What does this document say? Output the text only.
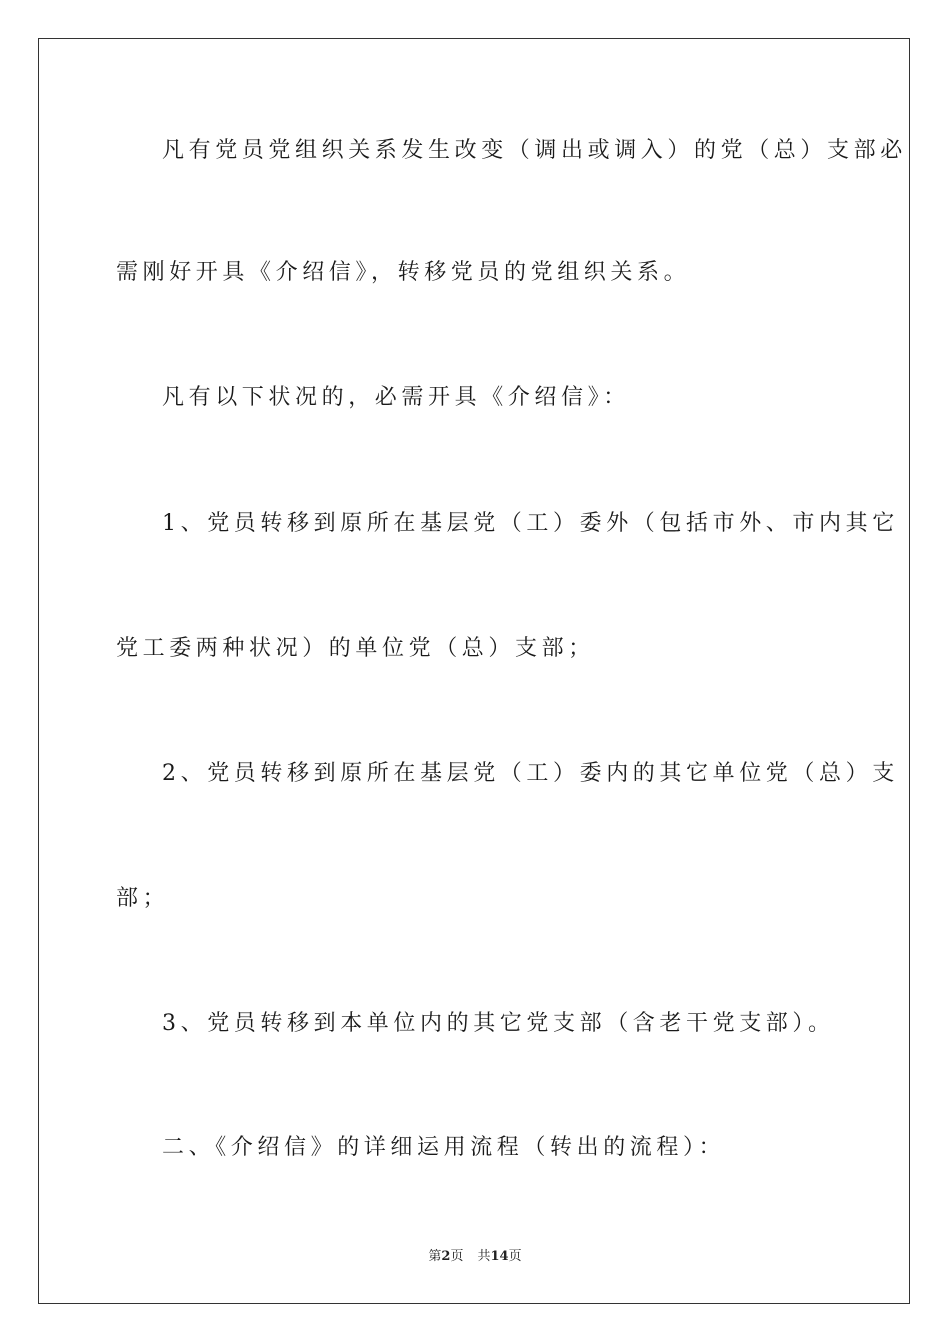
凡有党员党组织关系发生改变（调出或调入）的党（总）支部必
需刚好开具《介绍信》，转移党员的党组织关系。
凡有以下状况的，必需开具《介绍信》：
1、党员转移到原所在基层党（工）委外（包括市外、市内其它
党工委两种状况）的单位党（总）支部；
2、党员转移到原所在基层党（工）委内的其它单位党（总）支
部；
3、党员转移到本单位内的其它党支部（含老干党支部）。
二、《介绍信》的详细运用流程（转出的流程）：
第2页 共14页
